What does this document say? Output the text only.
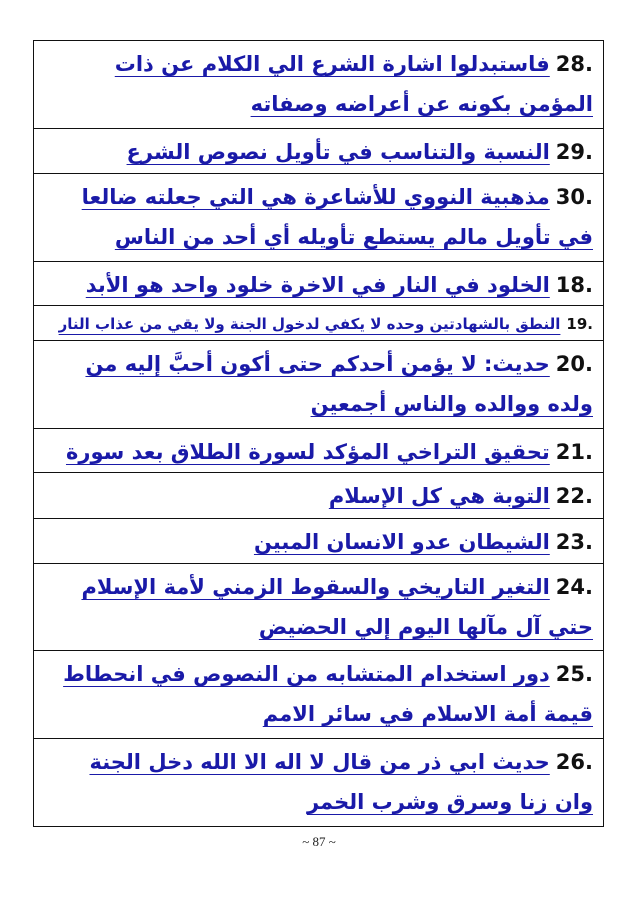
28.فاستبدلوا اشارة الشرع الي الكلام عن ذات المؤمن بكونه عن أعراضه وصفاته
29.النسبة والتناسب في تأويل نصوص الشرع
30.مذهبية النووي للأشاعرة هي التي جعلته ضالعا في تأويل مالم يستطع تأويله أي أحد من الناس
18.الخلود في النار في الاخرة خلود واحد هو الأبد
19.النطق بالشهادتين وحده لا يكفي لدخول الجنة ولا يقي من عذاب النار
20.حديث: لا يؤمن أحدكم حتى أكون أحبَّ إليه من ولده ووالده والناس أجمعين
21.تحقيق التراخي المؤكد لسورة الطلاق بعد سورة
22.التوبة هي كل الإسلام
23.الشيطان عدو الانسان المبين
24.التغير التاريخي والسقوط الزمني لأمة الإسلام حتي آل مآلها اليوم إلي الحضيض
25.دور استخدام المتشابه من النصوص في انحطاط قيمة أمة الاسلام في سائر الامم
26.حديث ابي ذر من قال لا اله الا الله دخل الجنة وان زنا وسرق وشرب الخمر
~ 87 ~
